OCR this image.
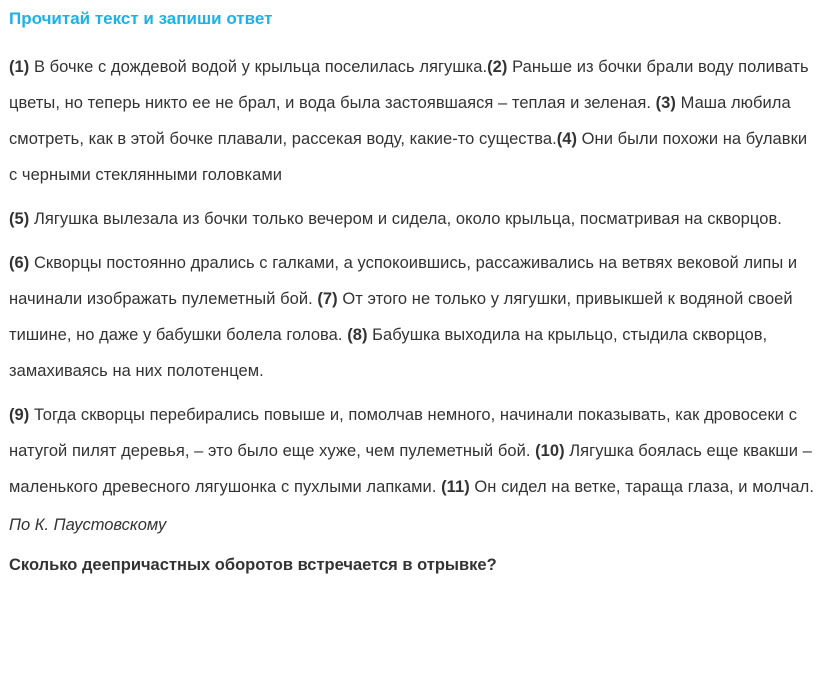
Прочитай текст и запиши ответ

(1) В бочке с дождевой водой у крыльца поселилась лягушка.(2) Раньше из бочки брали воду поливать цветы, но теперь никто ее не брал, и вода была застоявшаяся – теплая и зеленая. (3) Маша любила смотреть, как в этой бочке плавали, рассекая воду, какие-то существа.(4) Они были похожи на булавки с черными стеклянными головками

(5) Лягушка вылезала из бочки только вечером и сидела, около крыльца, посматривая на скворцов.

(6) Скворцы постоянно дрались с галками, а успокоившись, рассаживались на ветвях вековой липы и начинали изображать пулеметный бой. (7) От этого не только у лягушки, привыкшей к водяной своей тишине, но даже у бабушки болела голова. (8) Бабушка выходила на крыльцо, стыдила скворцов, замахиваясь на них полотенцем.

(9) Тогда скворцы перебирались повыше и, помолчав немного, начинали показывать, как дровосеки с натугой пилят деревья, – это было еще хуже, чем пулеметный бой. (10) Лягушка боялась еще квакши – маленького древесного лягушонка с пухлыми лапками. (11) Он сидел на ветке, тараща глаза, и молчал.

По К. Паустовскому
Сколько деепричастных оборотов встречается в отрывке?
